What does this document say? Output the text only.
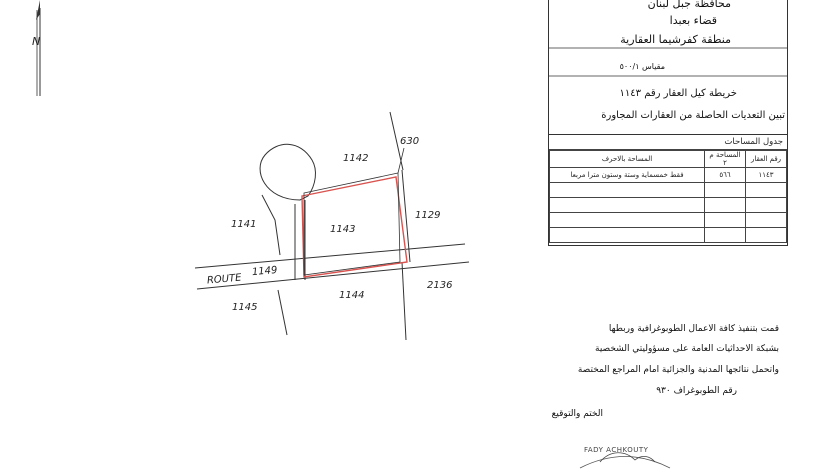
N
1142
630
1141	1143
1129
ROUTE
1149
1145
1144
2136
محافظة جبل لبنان
قضاء بعبدا
منطقة كفرشيما العقارية
مقياس ٥٠٠/١
خريطة كيل العقار رقم ١١٤٣
تبين التعديات الحاصلة من العقارات المجاورة
جدول المساحات
رقم العقار	المساحة م ٢	المساحة بالاحرف
١١٤٣	٥٦٦	فقط خمسماية وستة وستون مترا مربعا

قمت بتنفيذ كافة الاعمال الطوبوغرافية وربطها
بشبكة الاحداثيات العامة على مسؤوليتي الشخصية
واتحمل نتائجها المدنية والجزائية امام المراجع المختصة
رقم الطوبوغراف ٩٣٠
الختم والتوقيع
FADY ACHKOUTY
